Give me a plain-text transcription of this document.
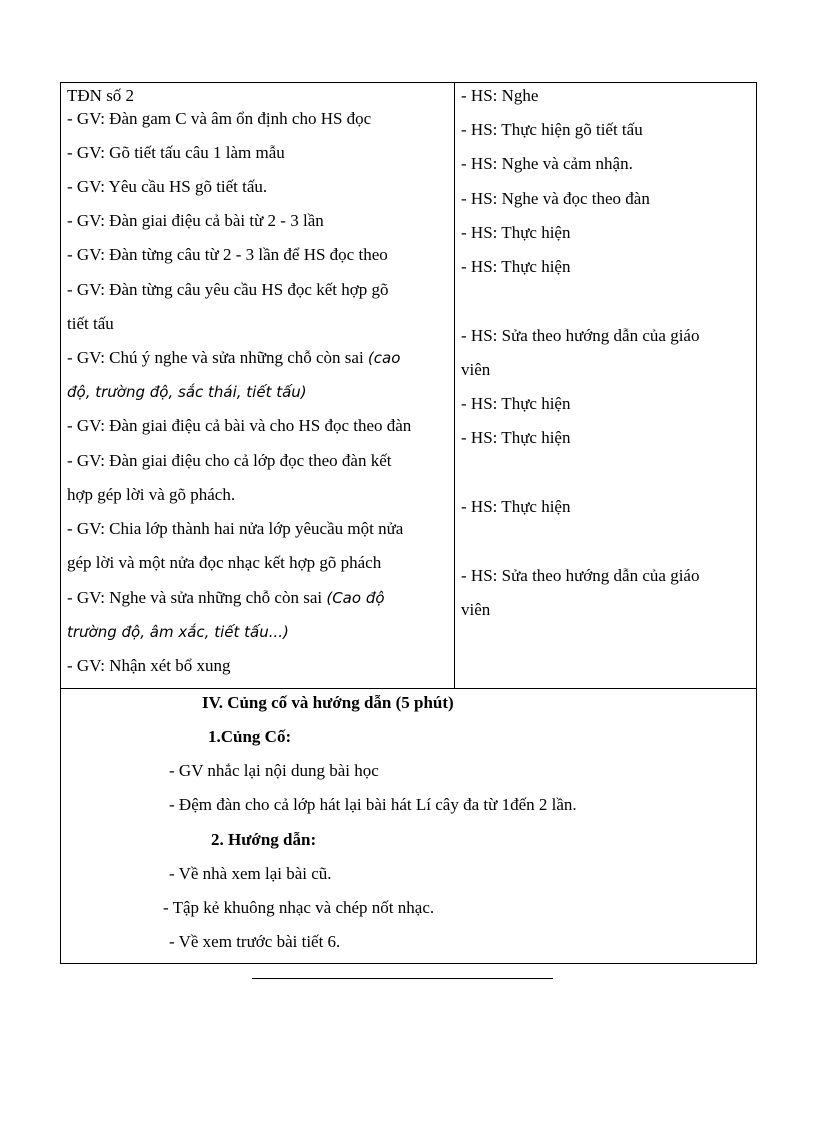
TĐN số 2
- GV: Đàn gam C và âm ổn định cho HS đọc
- GV: Gõ tiết tấu câu 1 làm mẫu
- GV: Yêu cầu HS gõ tiết tấu.
- GV: Đàn giai điệu cả bài từ 2 - 3 lần
- GV: Đàn từng câu từ 2 - 3 lần để HS đọc theo
- GV: Đàn từng câu yêu cầu HS đọc kết hợp gõ
tiết tấu
- GV: Chú ý nghe và sửa những chỗ còn sai (cao
độ, trường độ, sắc thái, tiết tấu)
- GV: Đàn giai điệu cả bài và cho HS đọc theo đàn
- GV: Đàn giai điệu cho cả lớp đọc theo đàn kết
hợp gép lời và gõ phách.
- GV: Chia lớp thành hai nửa lớp yêucầu một nửa
gép lời và một nửa đọc nhạc kết hợp gõ phách
- GV: Nghe và sửa những chỗ còn sai (Cao độ
trường độ, âm xắc, tiết tấu...)
- GV: Nhận xét bổ xung
- HS: Nghe
- HS: Thực hiện gõ tiết tấu
- HS: Nghe và cảm nhận.
- HS: Nghe và đọc theo đàn
- HS: Thực hiện
- HS: Thực hiện
- HS: Sửa theo hướng dẫn của giáo
viên
- HS: Thực hiện
- HS: Thực hiện
- HS: Thực hiện
- HS: Sửa theo hướng dẫn của giáo
viên
IV. Củng cố và hướng dẫn (5 phút)
1.Củng Cố:
- GV nhắc lại nội dung bài học
- Đệm đàn cho cả lớp hát lại bài hát Lí cây đa từ 1đến 2 lần.
2. Hướng dẫn:
- Về nhà xem lại bài cũ.
- Tập kẻ khuông nhạc và chép nốt nhạc.
- Về xem trước bài tiết 6.
